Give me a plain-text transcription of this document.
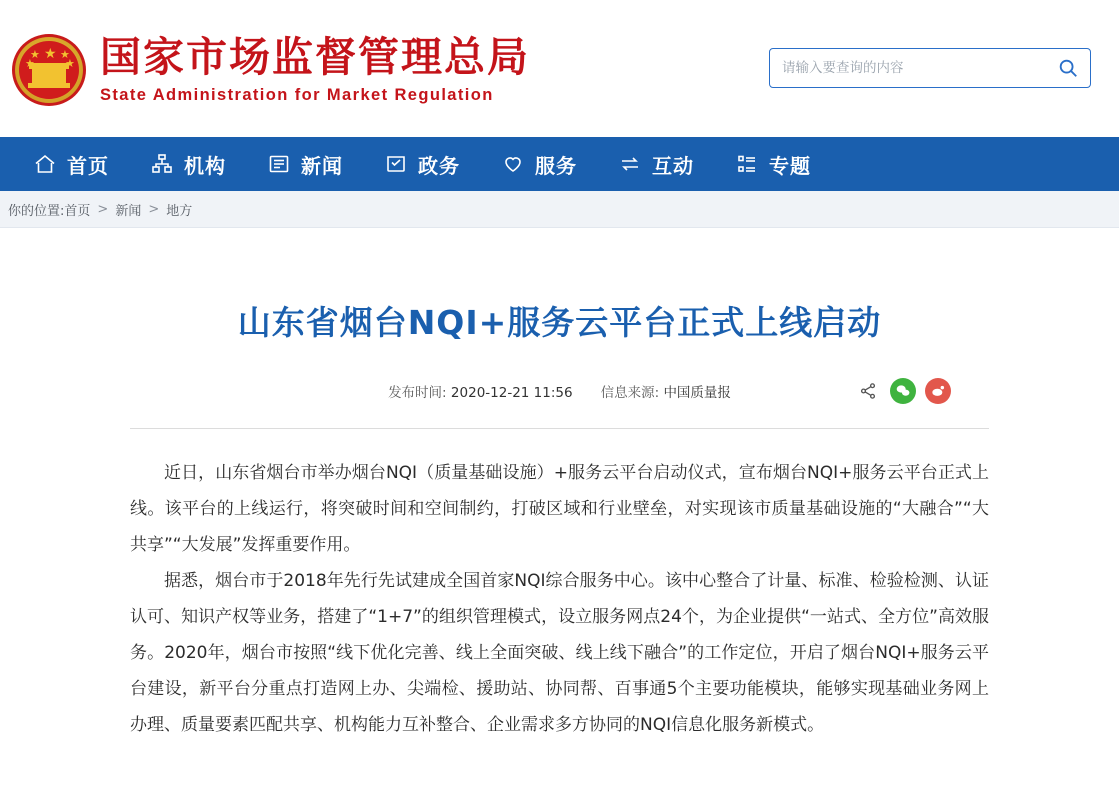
★
★
★
★
★ 国家市场监督管理总局
State Administration for Market Regulation
请输入要查询的内容
首页	机构	新闻	政务	服务	互动	专题
你的位置: 首页 > 新闻 > 地方
山东省烟台NQI+服务云平台正式上线启动
发布时间: 2020-12-21 11:56 信息来源: 中国质量报

近日，山东省烟台市举办烟台NQI（质量基础设施）+服务云平台启动仪式，宣布烟台NQI+服务云平台正式上线。该平台的上线运行，将突破时间和空间制约，打破区域和行业壁垒，对实现该市质量基础设施的“大融合”“大共享”“大发展”发挥重要作用。

据悉，烟台市于2018年先行先试建成全国首家NQI综合服务中心。该中心整合了计量、标准、检验检测、认证认可、知识产权等业务，搭建了“1+7”的组织管理模式，设立服务网点24个，为企业提供“一站式、全方位”高效服务。2020年，烟台市按照“线下优化完善、线上全面突破、线上线下融合”的工作定位，开启了烟台NQI+服务云平台建设，新平台分重点打造网上办、尖端检、援助站、协同帮、百事通5个主要功能模块，能够实现基础业务网上办理、质量要素匹配共享、机构能力互补整合、企业需求多方协同的NQI信息化服务新模式。
